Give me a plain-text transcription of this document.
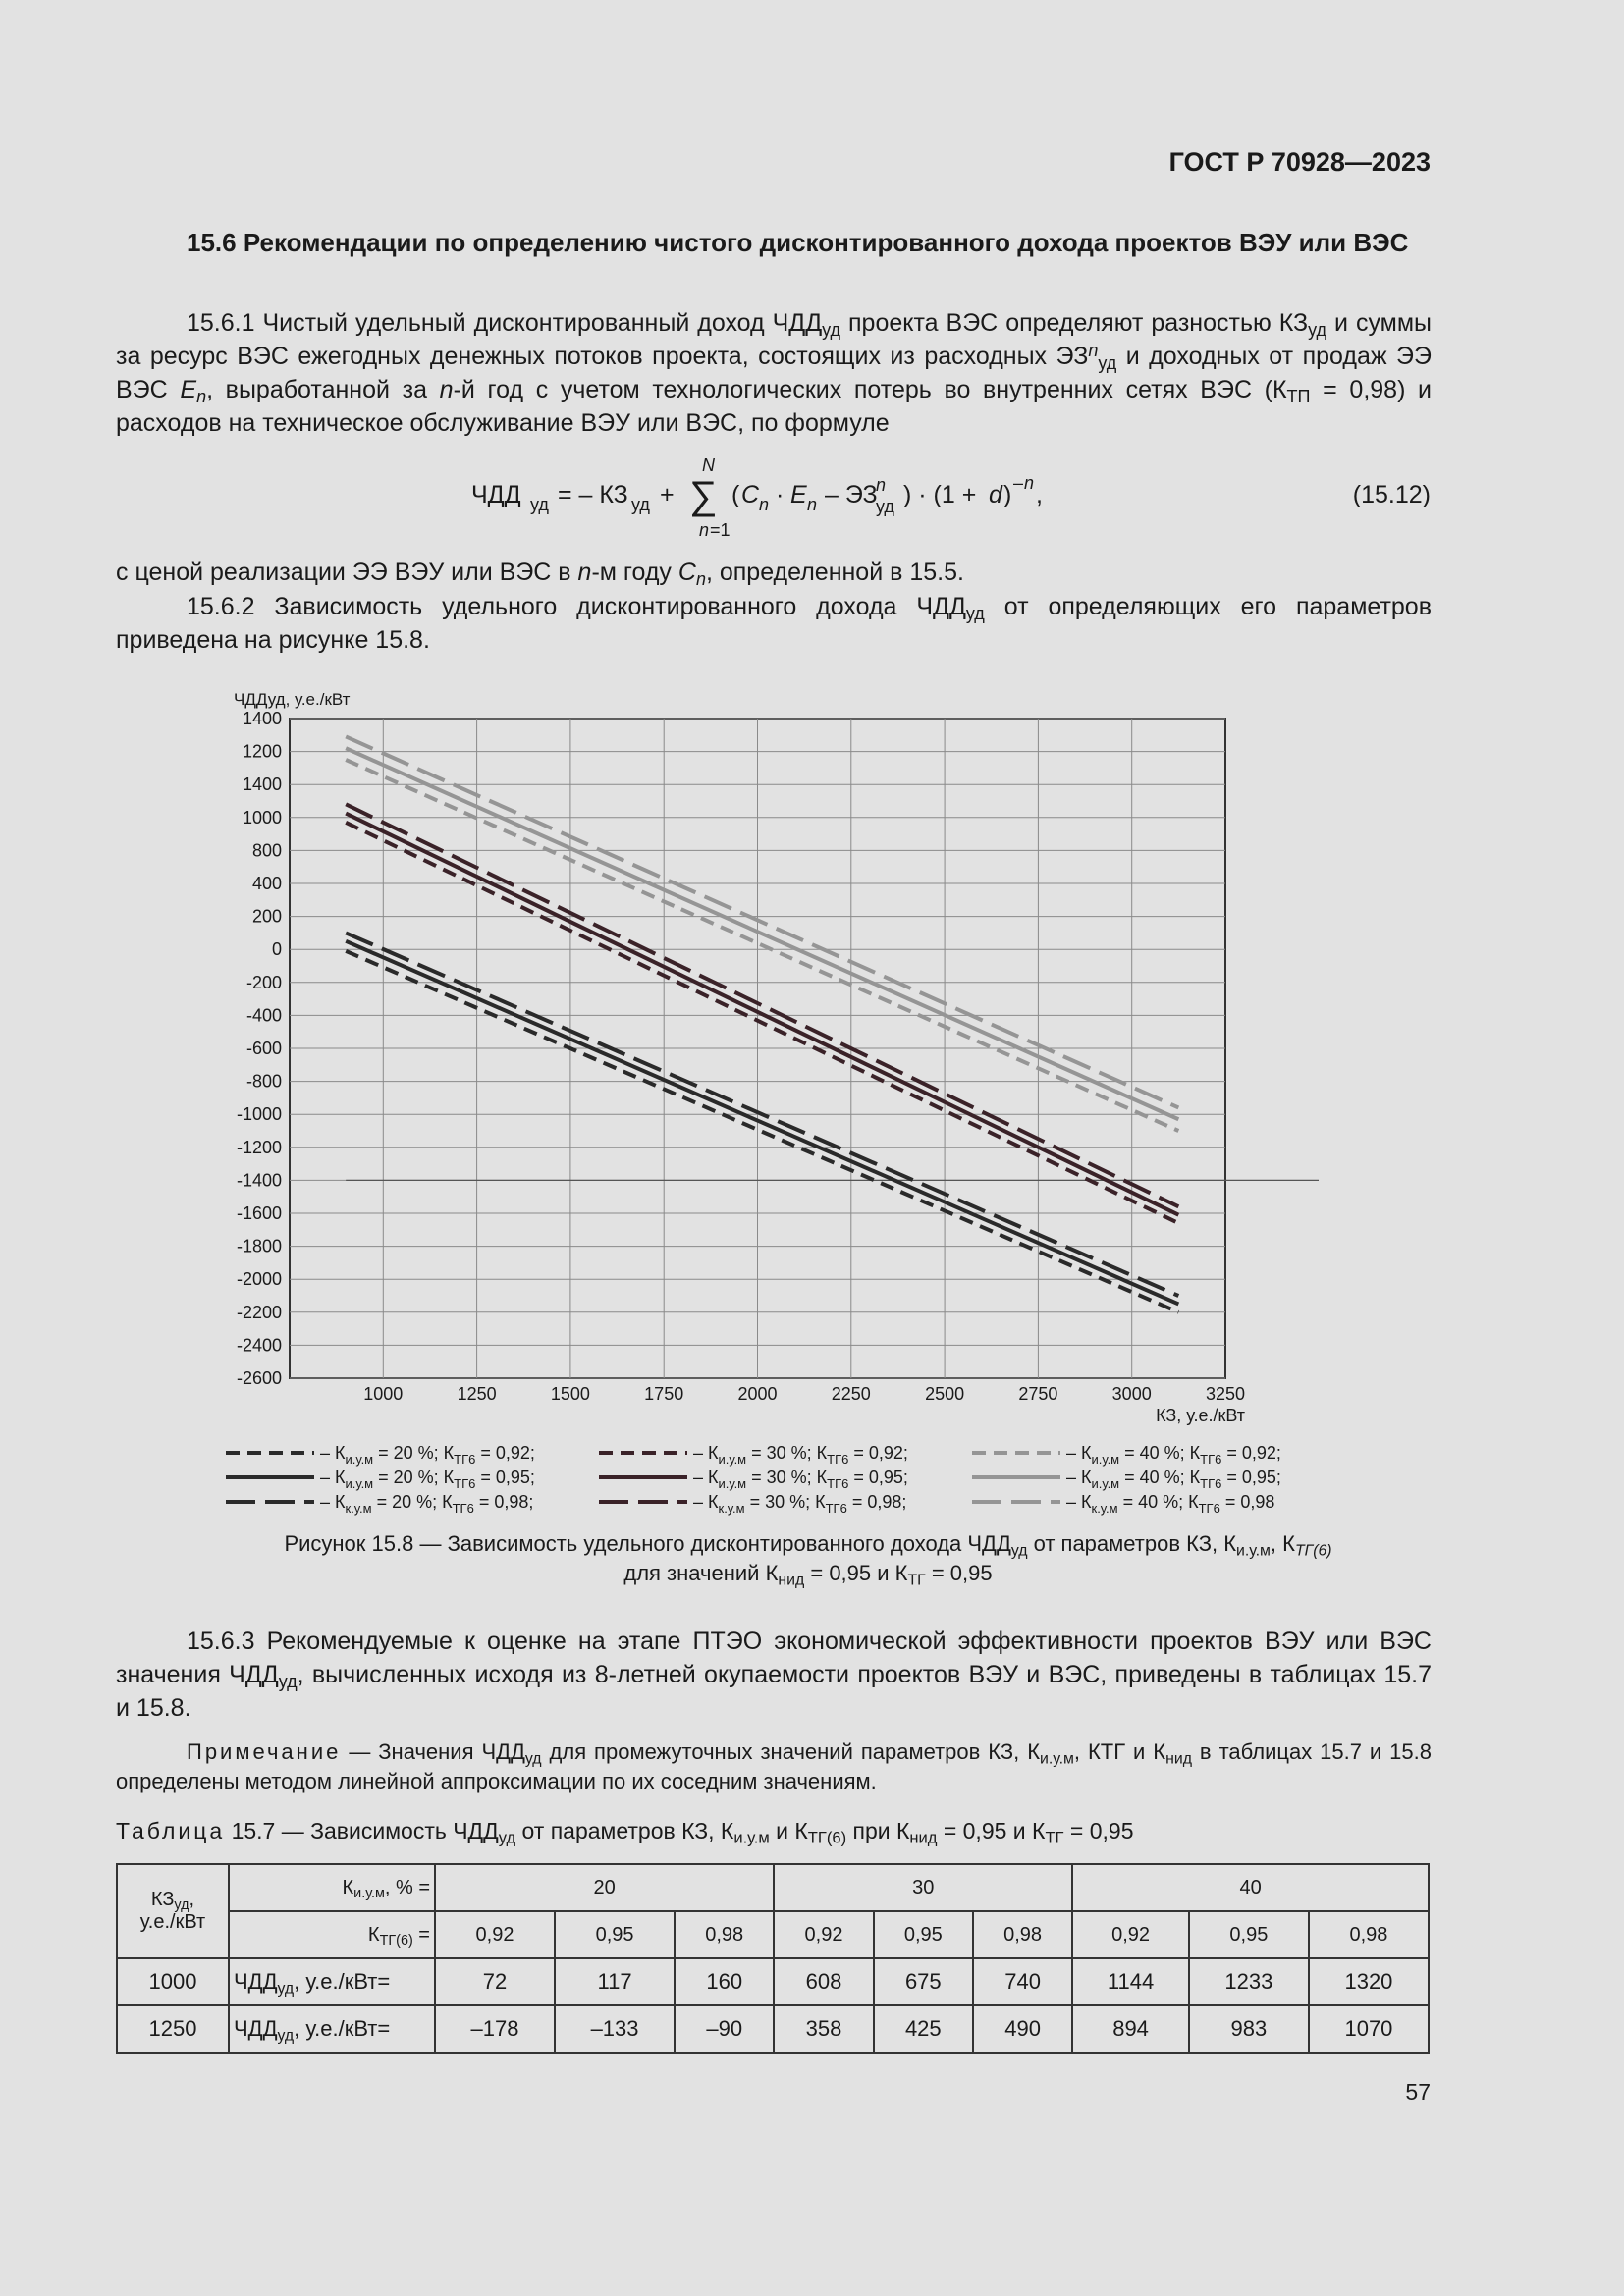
ГОСТ Р 70928—2023
15.6 Рекомендации по определению чистого дисконтированного дохода проектов ВЭУ или ВЭС
15.6.1 Чистый удельный дисконтированный доход $ЧДД_{уд}$ проекта ВЭС определяют разностью $КЗ_{уд}$ и суммы за ресурс ВЭС ежегодных денежных потоков проекта, состоящих из расходных $ЭЗ^n_{уд}$ и доходных от продаж ЭЭ ВЭС $E_n$, выработанной за n-й год с учетом технологических потерь во внутренних сетях ВЭС $(К_{ТП} = 0,98)$ и расходов на техническое обслуживание ВЭУ или ВЭС, по формуле
ЧДД уд = – КЗ уд +
N
∑
n =1
( C n · E n – ЭЗ
n
уд ) · (1 + d ) – n ,	(15.12)
с ценой реализации ЭЭ ВЭУ или ВЭС в n-м году $C_n$, определенной в 15.5.
15.6.2 Зависимость удельного дисконтированного дохода $ЧДД_{уд}$ от определяющих его параметров приведена на рисунке 15.8.
1400
1200
1400
1000
800
400
200
0
-200
-400
-600
-800
-1000
-1200
-1400
-1600
-1800
-2000
-2200
-2400
-2600
1000	1250	1500	1750	2000	2250	2500	2750	3000	3250
ЧДДуд, у.е./кВт
КЗ, у.е./кВт
– $К_{и.у.м} = 20$ %; $К_{ТГ6} = 0,92$;
– $К_{и.у.м} = 20$ %; $К_{ТГ6} = 0,95$;
– $К_{к.у.м} = 20$ %; $К_{ТГ6} = 0,98$;
– $К_{и.у.м} = 30$ %; $К_{ТГ6} = 0,92$;
– $К_{и.у.м} = 30$ %; $К_{ТГ6} = 0,95$;
– $К_{к.у.м} = 30$ %; $К_{ТГ6} = 0,98$;
– $К_{и.у.м} = 40$ %; $К_{ТГ6} = 0,92$;
– $К_{и.у.м} = 40$ %; $К_{ТГ6} = 0,95$;
– $К_{к.у.м} = 40$ %; $К_{ТГ6} = 0,98$
Рисунок 15.8 — Зависимость удельного дисконтированного дохода $ЧДД_{уд}$ от параметров КЗ, $К_{и.у.м}$, $К_{ТГ(6)}$
для значений $К_{нид} = 0,95$ и $К_{ТГ} = 0,95$
15.6.3 Рекомендуемые к оценке на этапе ПТЭО экономической эффективности проектов ВЭУ или ВЭС значения $ЧДД_{уд}$, вычисленных исходя из 8-летней окупаемости проектов ВЭУ и ВЭС, приведены в таблицах 15.7 и 15.8.
Примечание — Значения $ЧДД_{уд}$ для промежуточных значений параметров КЗ, $К_{и.у.м}$, КТГ и $К_{нид}$ в таблицах 15.7 и 15.8 определены методом линейной аппроксимации по их соседним значениям.
Таблица 15.7 — Зависимость $ЧДД_{уд}$ от параметров КЗ, $К_{и.у.м}$ и $К_{ТГ(6)}$ при $К_{нид} = 0,95$ и $К_{ТГ} = 0,95$
$КЗ_{уд}$,
у.е./кВт	$К_{и.у.м}$, % =	20			30			40		
	$К_{ТГ(6)}$ =	0,92	0,95	0,98	0,92	0,95	0,98	0,92	0,95	0,98
1000	$ЧДД_{уд}$, у.е./кВт=	72	117	160	608	675	740	1144	1233	1320
1250	$ЧДД_{уд}$, у.е./кВт=	–178	–133	–90	358	425	490	894	983	1070
57
